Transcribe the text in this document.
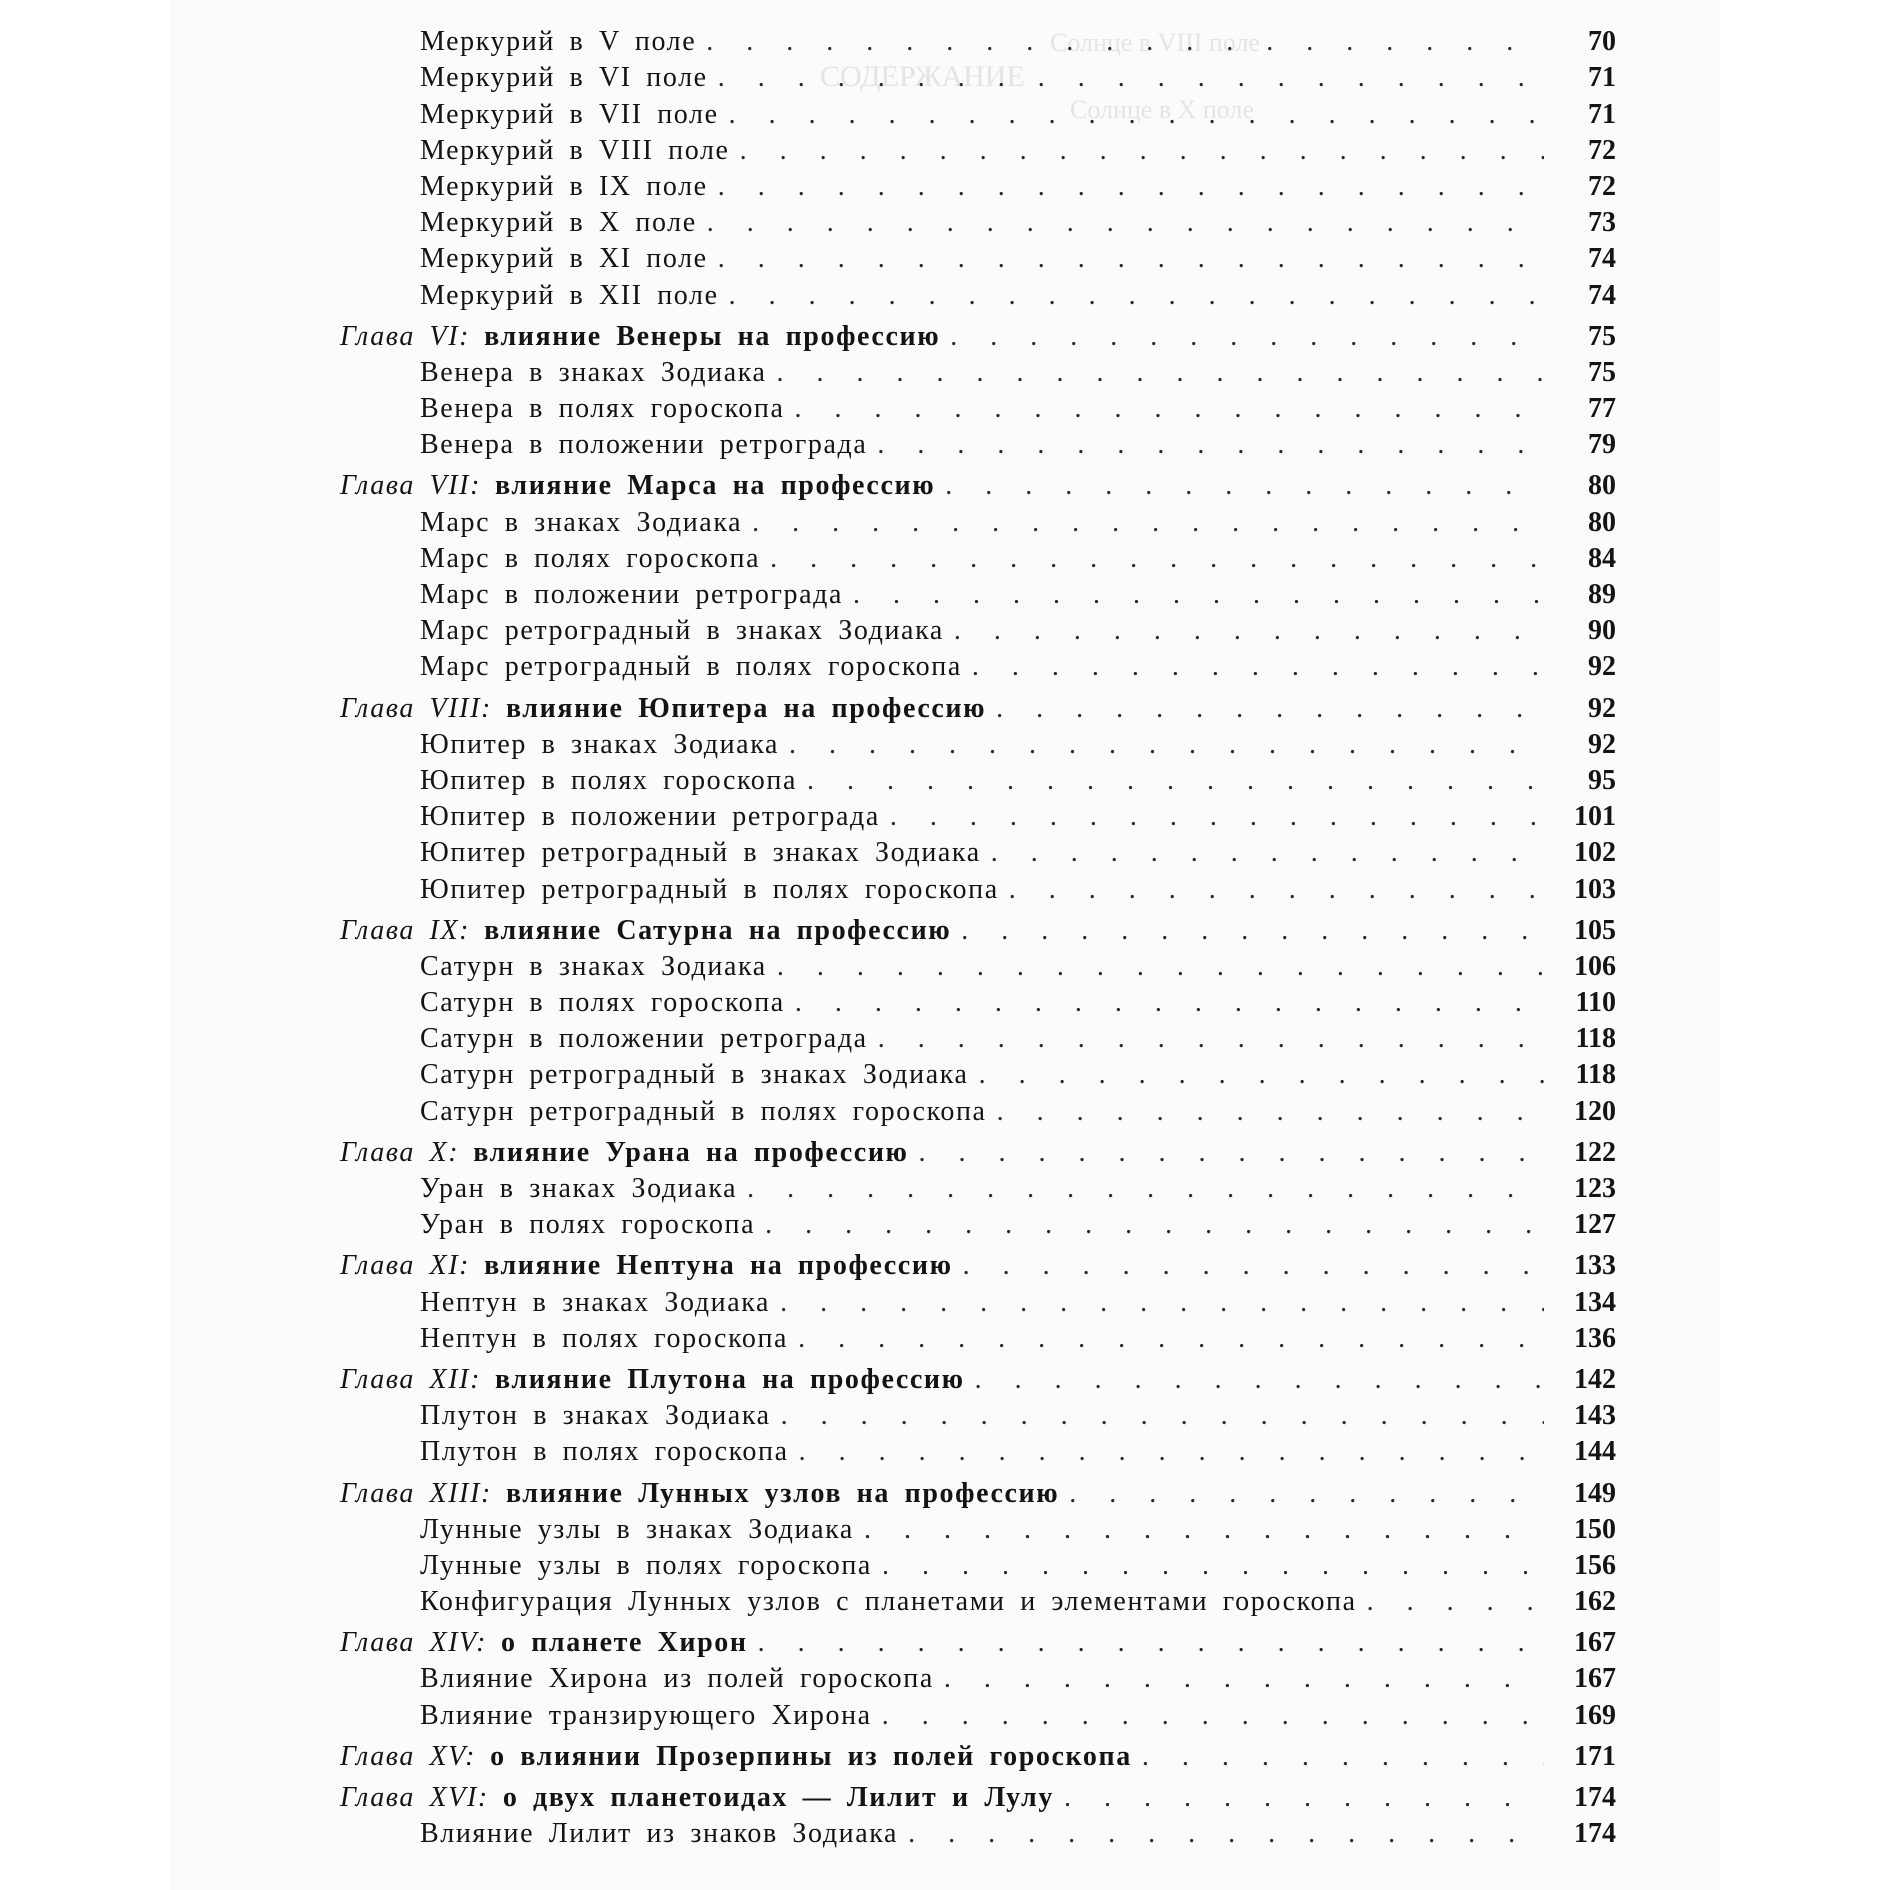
Солнце в VIII поле
СОДЕРЖАНИЕ
Солнце в X поле
Меркурий в V поле . . .	70
Меркурий в VI поле . . .	71
Меркурий в VII поле . . .	71
Меркурий в VIII поле . . .	72
Меркурий в IX поле . . .	72
Меркурий в X поле . . .	73
Меркурий в XI поле . . .	74
Меркурий в XII поле . . .	74
Глава VI: влияние Венеры на профессию . . .	75
Венера в знаках Зодиака . . .	75
Венера в полях гороскопа . . .	77
Венера в положении ретрограда . . .	79
Глава VII: влияние Марса на профессию . . .	80
Марс в знаках Зодиака . . .	80
Марс в полях гороскопа . . .	84
Марс в положении ретрограда . . .	89
Марс ретроградный в знаках Зодиака . . .	90
Марс ретроградный в полях гороскопа . . .	92
Глава VIII: влияние Юпитера на профессию . . .	92
Юпитер в знаках Зодиака . . .	92
Юпитер в полях гороскопа . . .	95
Юпитер в положении ретрограда . . .	101
Юпитер ретроградный в знаках Зодиака . . .	102
Юпитер ретроградный в полях гороскопа . . .	103
Глава IX: влияние Сатурна на профессию . . .	105
Сатурн в знаках Зодиака . . .	106
Сатурн в полях гороскопа . . .	110
Сатурн в положении ретрограда . . .	118
Сатурн ретроградный в знаках Зодиака . . .	118
Сатурн ретроградный в полях гороскопа . . .	120
Глава X: влияние Урана на профессию . . .	122
Уран в знаках Зодиака . . .	123
Уран в полях гороскопа . . .	127
Глава XI: влияние Нептуна на профессию . . .	133
Нептун в знаках Зодиака . . .	134
Нептун в полях гороскопа . . .	136
Глава XII: влияние Плутона на профессию . . .	142
Плутон в знаках Зодиака . . .	143
Плутон в полях гороскопа . . .	144
Глава XIII: влияние Лунных узлов на профессию . . .	149
Лунные узлы в знаках Зодиака . . .	150
Лунные узлы в полях гороскопа . . .	156
Конфигурация Лунных узлов с планетами и элементами гороскопа . . .	162
Глава XIV: о планете Хирон . . .	167
Влияние Хирона из полей гороскопа . . .	167
Влияние транзирующего Хирона . . .	169
Глава XV: о влиянии Прозерпины из полей гороскопа . . .	171
Глава XVI: о двух планетоидах — Лилит и Лулу . . .	174
Влияние Лилит из знаков Зодиака . . .	174
